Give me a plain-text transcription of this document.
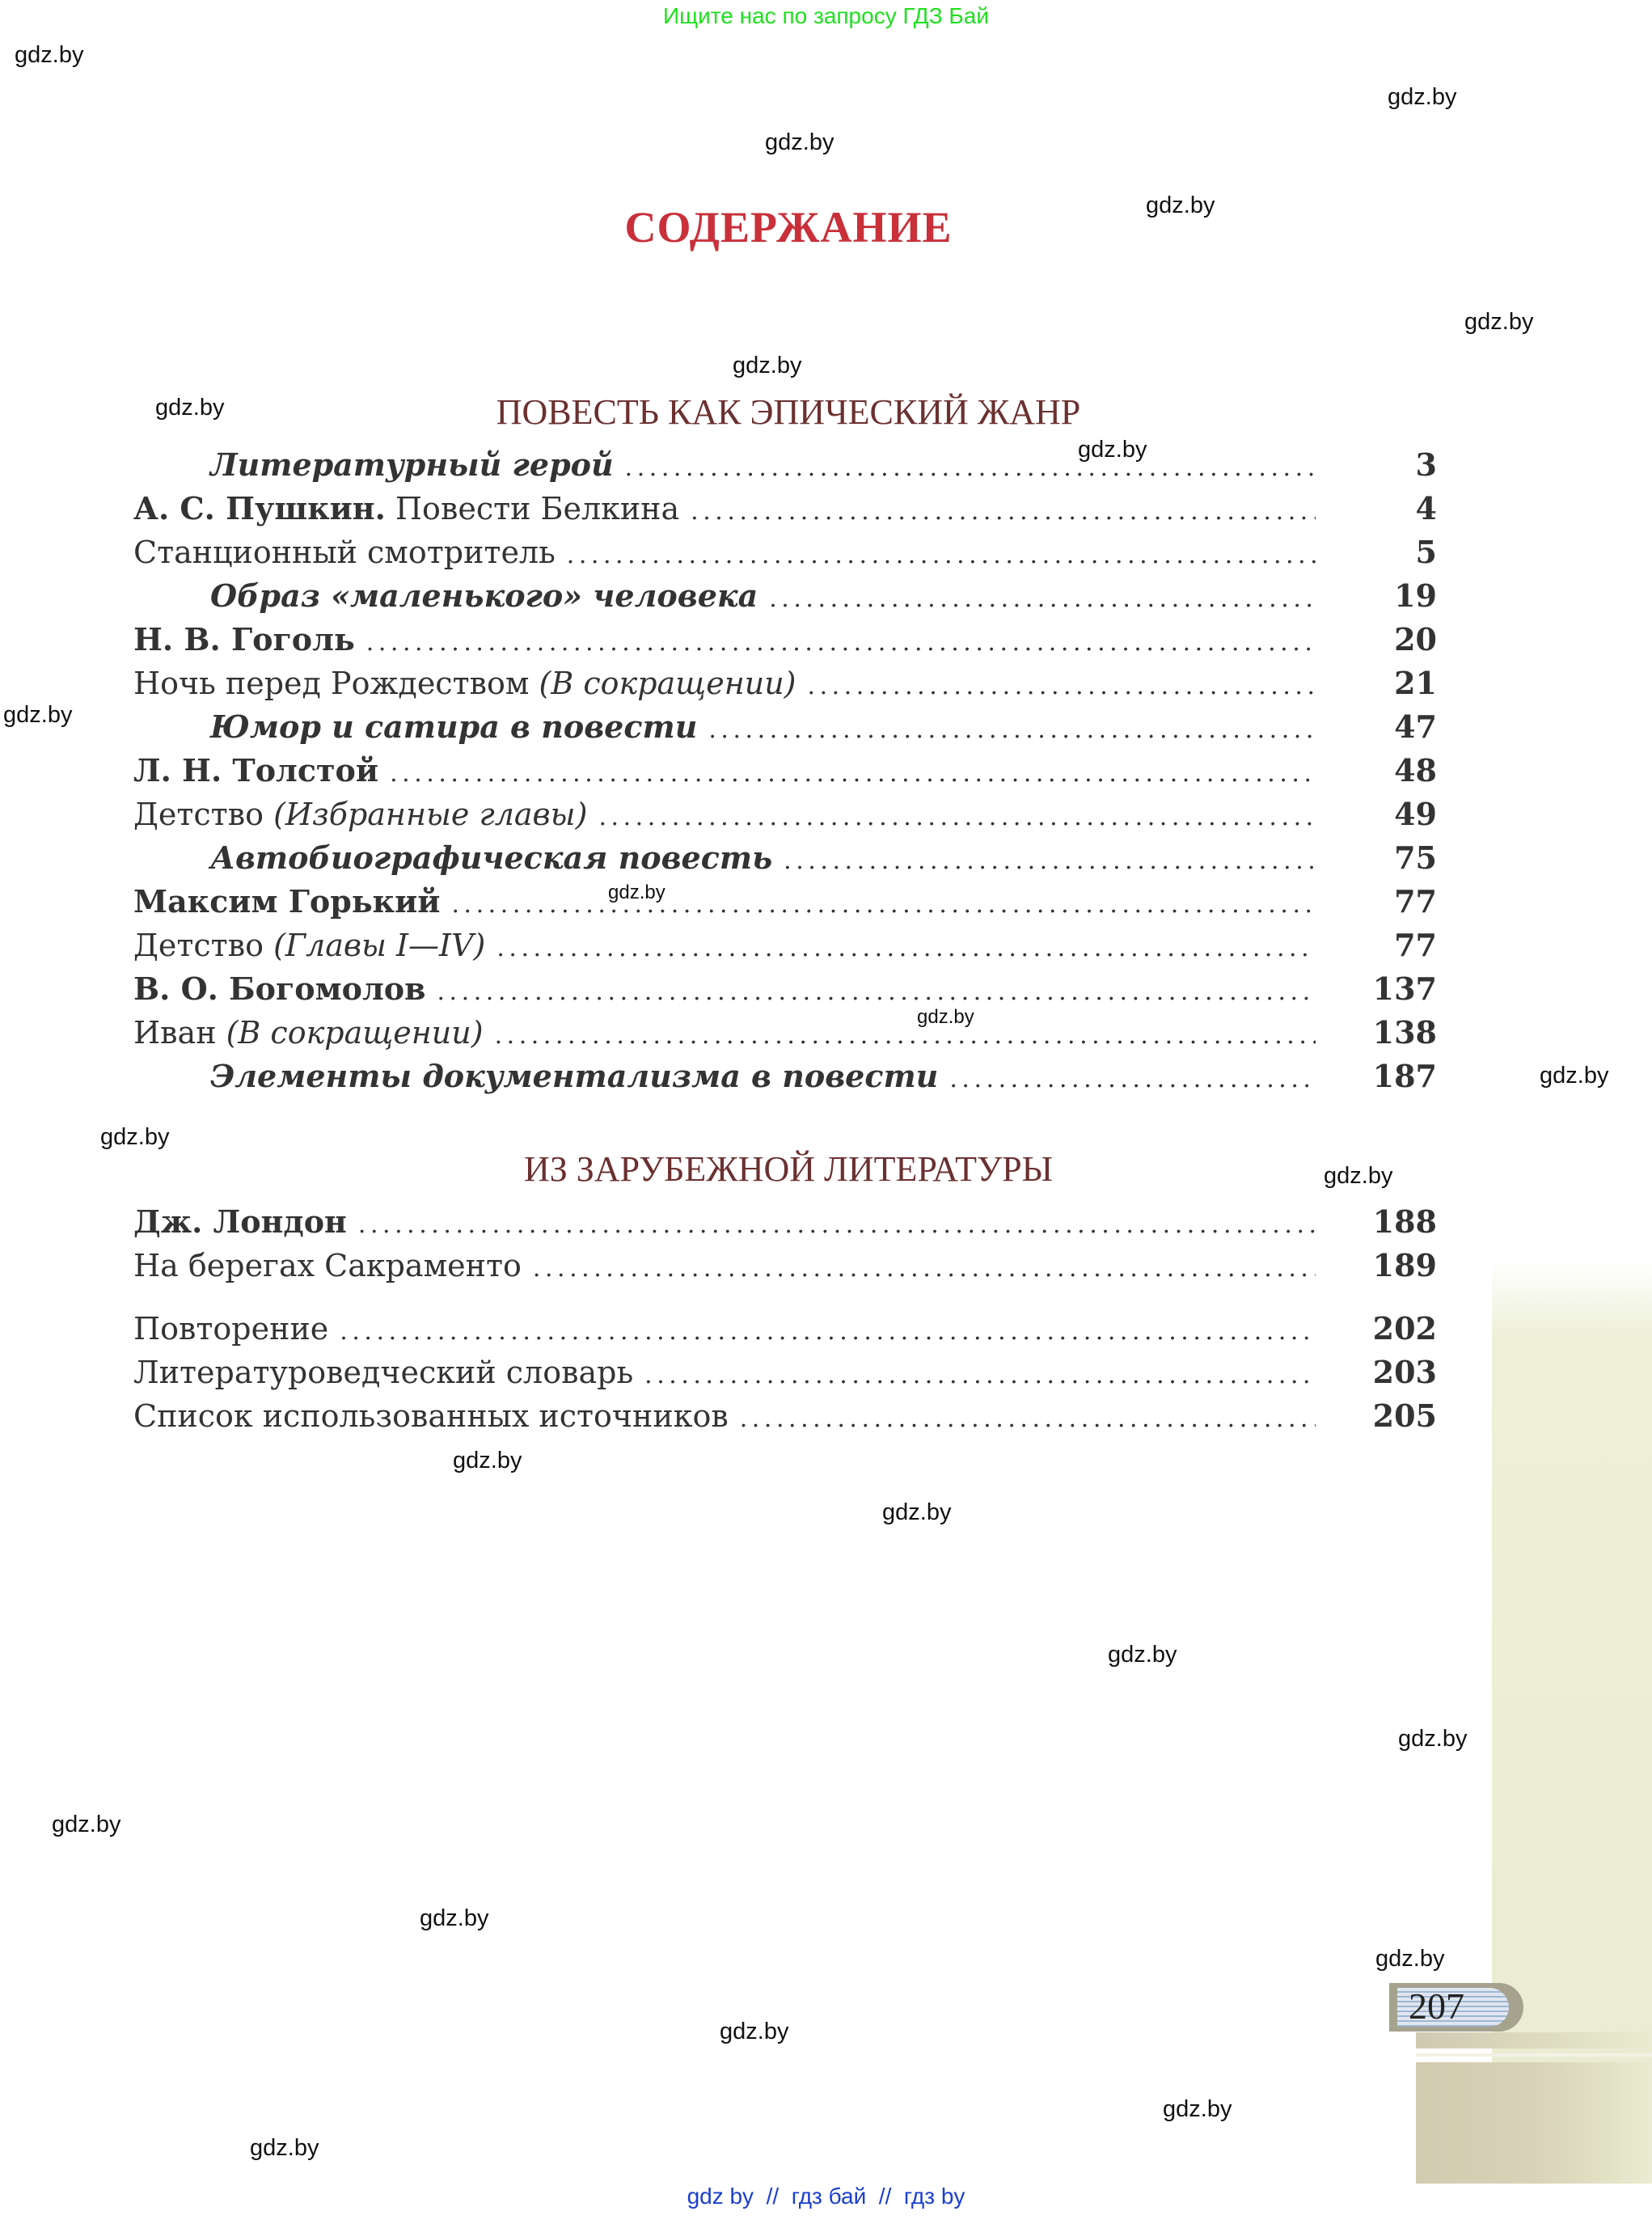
Ищите нас по запросу ГДЗ Бай
gdz.by
gdz.by
gdz.by
gdz.by
gdz.by
gdz.by
gdz.by
gdz.by
gdz.by
gdz.by
gdz.by
gdz.by
gdz.by
gdz.by
gdz.by
gdz.by
gdz.by
gdz.by
gdz.by
gdz.by
gdz.by
gdz.by
gdz.by
gdz.by
СОДЕРЖАНИЕ
ПОВЕСТЬ КАК ЭПИЧЕСКИЙ ЖАНР
Литературный герой . . .	3
А. С. Пушкин. Повести Белкина . . .	4
Станционный смотритель . . .	5
Образ «маленького» человека . . .	19
Н. В. Гоголь . . .	20
Ночь перед Рождеством (В сокращении) . . .	21
Юмор и сатира в повести . . .	47
Л. Н. Толстой . . .	48
Детство (Избранные главы) . . .	49
Автобиографическая повесть . . .	75
Максим Горький . . .	77
Детство (Главы I—IV) . . .	77
В. О. Богомолов . . .	137
Иван (В сокращении) . . .	138
Элементы документализма в повести . . .	187
ИЗ ЗАРУБЕЖНОЙ ЛИТЕРАТУРЫ
Дж. Лондон . . .	188
На берегах Сакраменто . . .	189
Повторение . . .	202
Литературоведческий словарь . . .	203
Список использованных источников . . .	205
207
gdz by  //  гдз бай  //  гдз by
